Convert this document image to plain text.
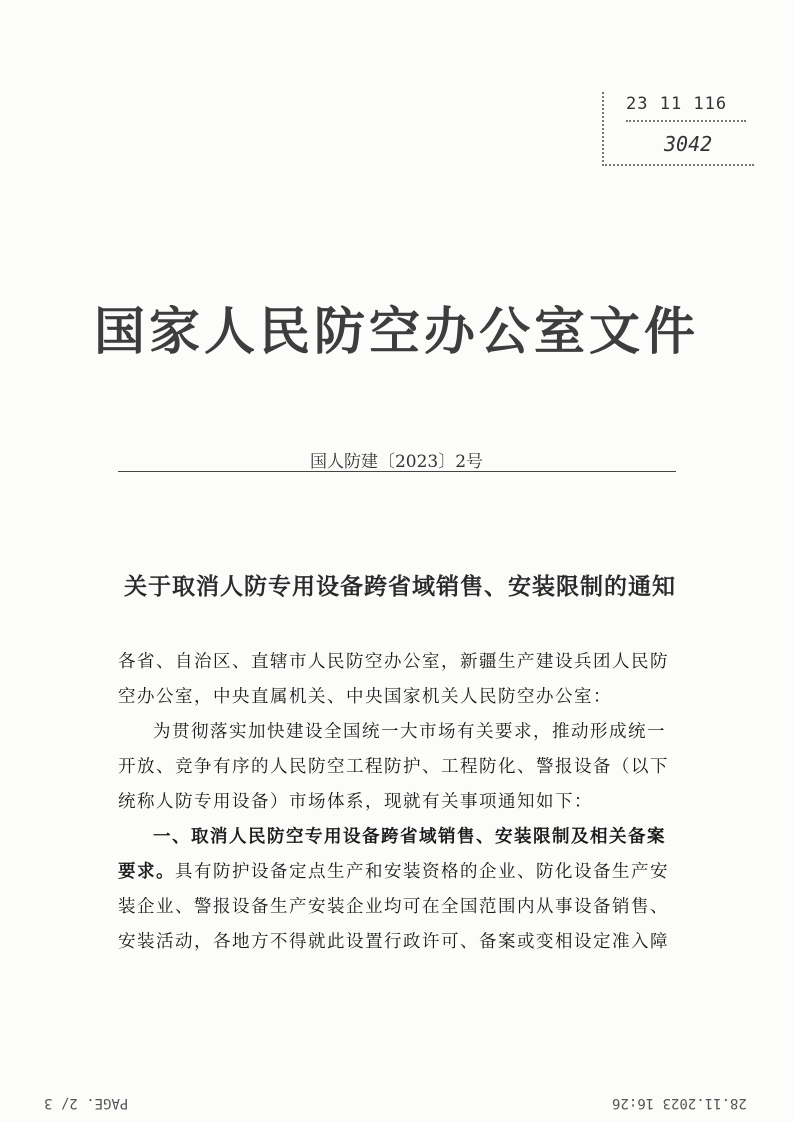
23 11 116
3042
国家人民防空办公室文件
国人防建〔2023〕2号
关于取消人防专用设备跨省域销售、安装限制的通知

各省、自治区、直辖市人民防空办公室，新疆生产建设兵团人民防空办公室，中央直属机关、中央国家机关人民防空办公室：

为贯彻落实加快建设全国统一大市场有关要求，推动形成统一开放、竞争有序的人民防空工程防护、工程防化、警报设备（以下统称人防专用设备）市场体系，现就有关事项通知如下：

一、取消人民防空专用设备跨省域销售、安装限制及相关备案要求。具有防护设备定点生产和安装资格的企业、防化设备生产安装企业、警报设备生产安装企业均可在全国范围内从事设备销售、安装活动，各地方不得就此设置行政许可、备案或变相设定准入障

PAGE. 2/ 3	28.11.2023 16:26
